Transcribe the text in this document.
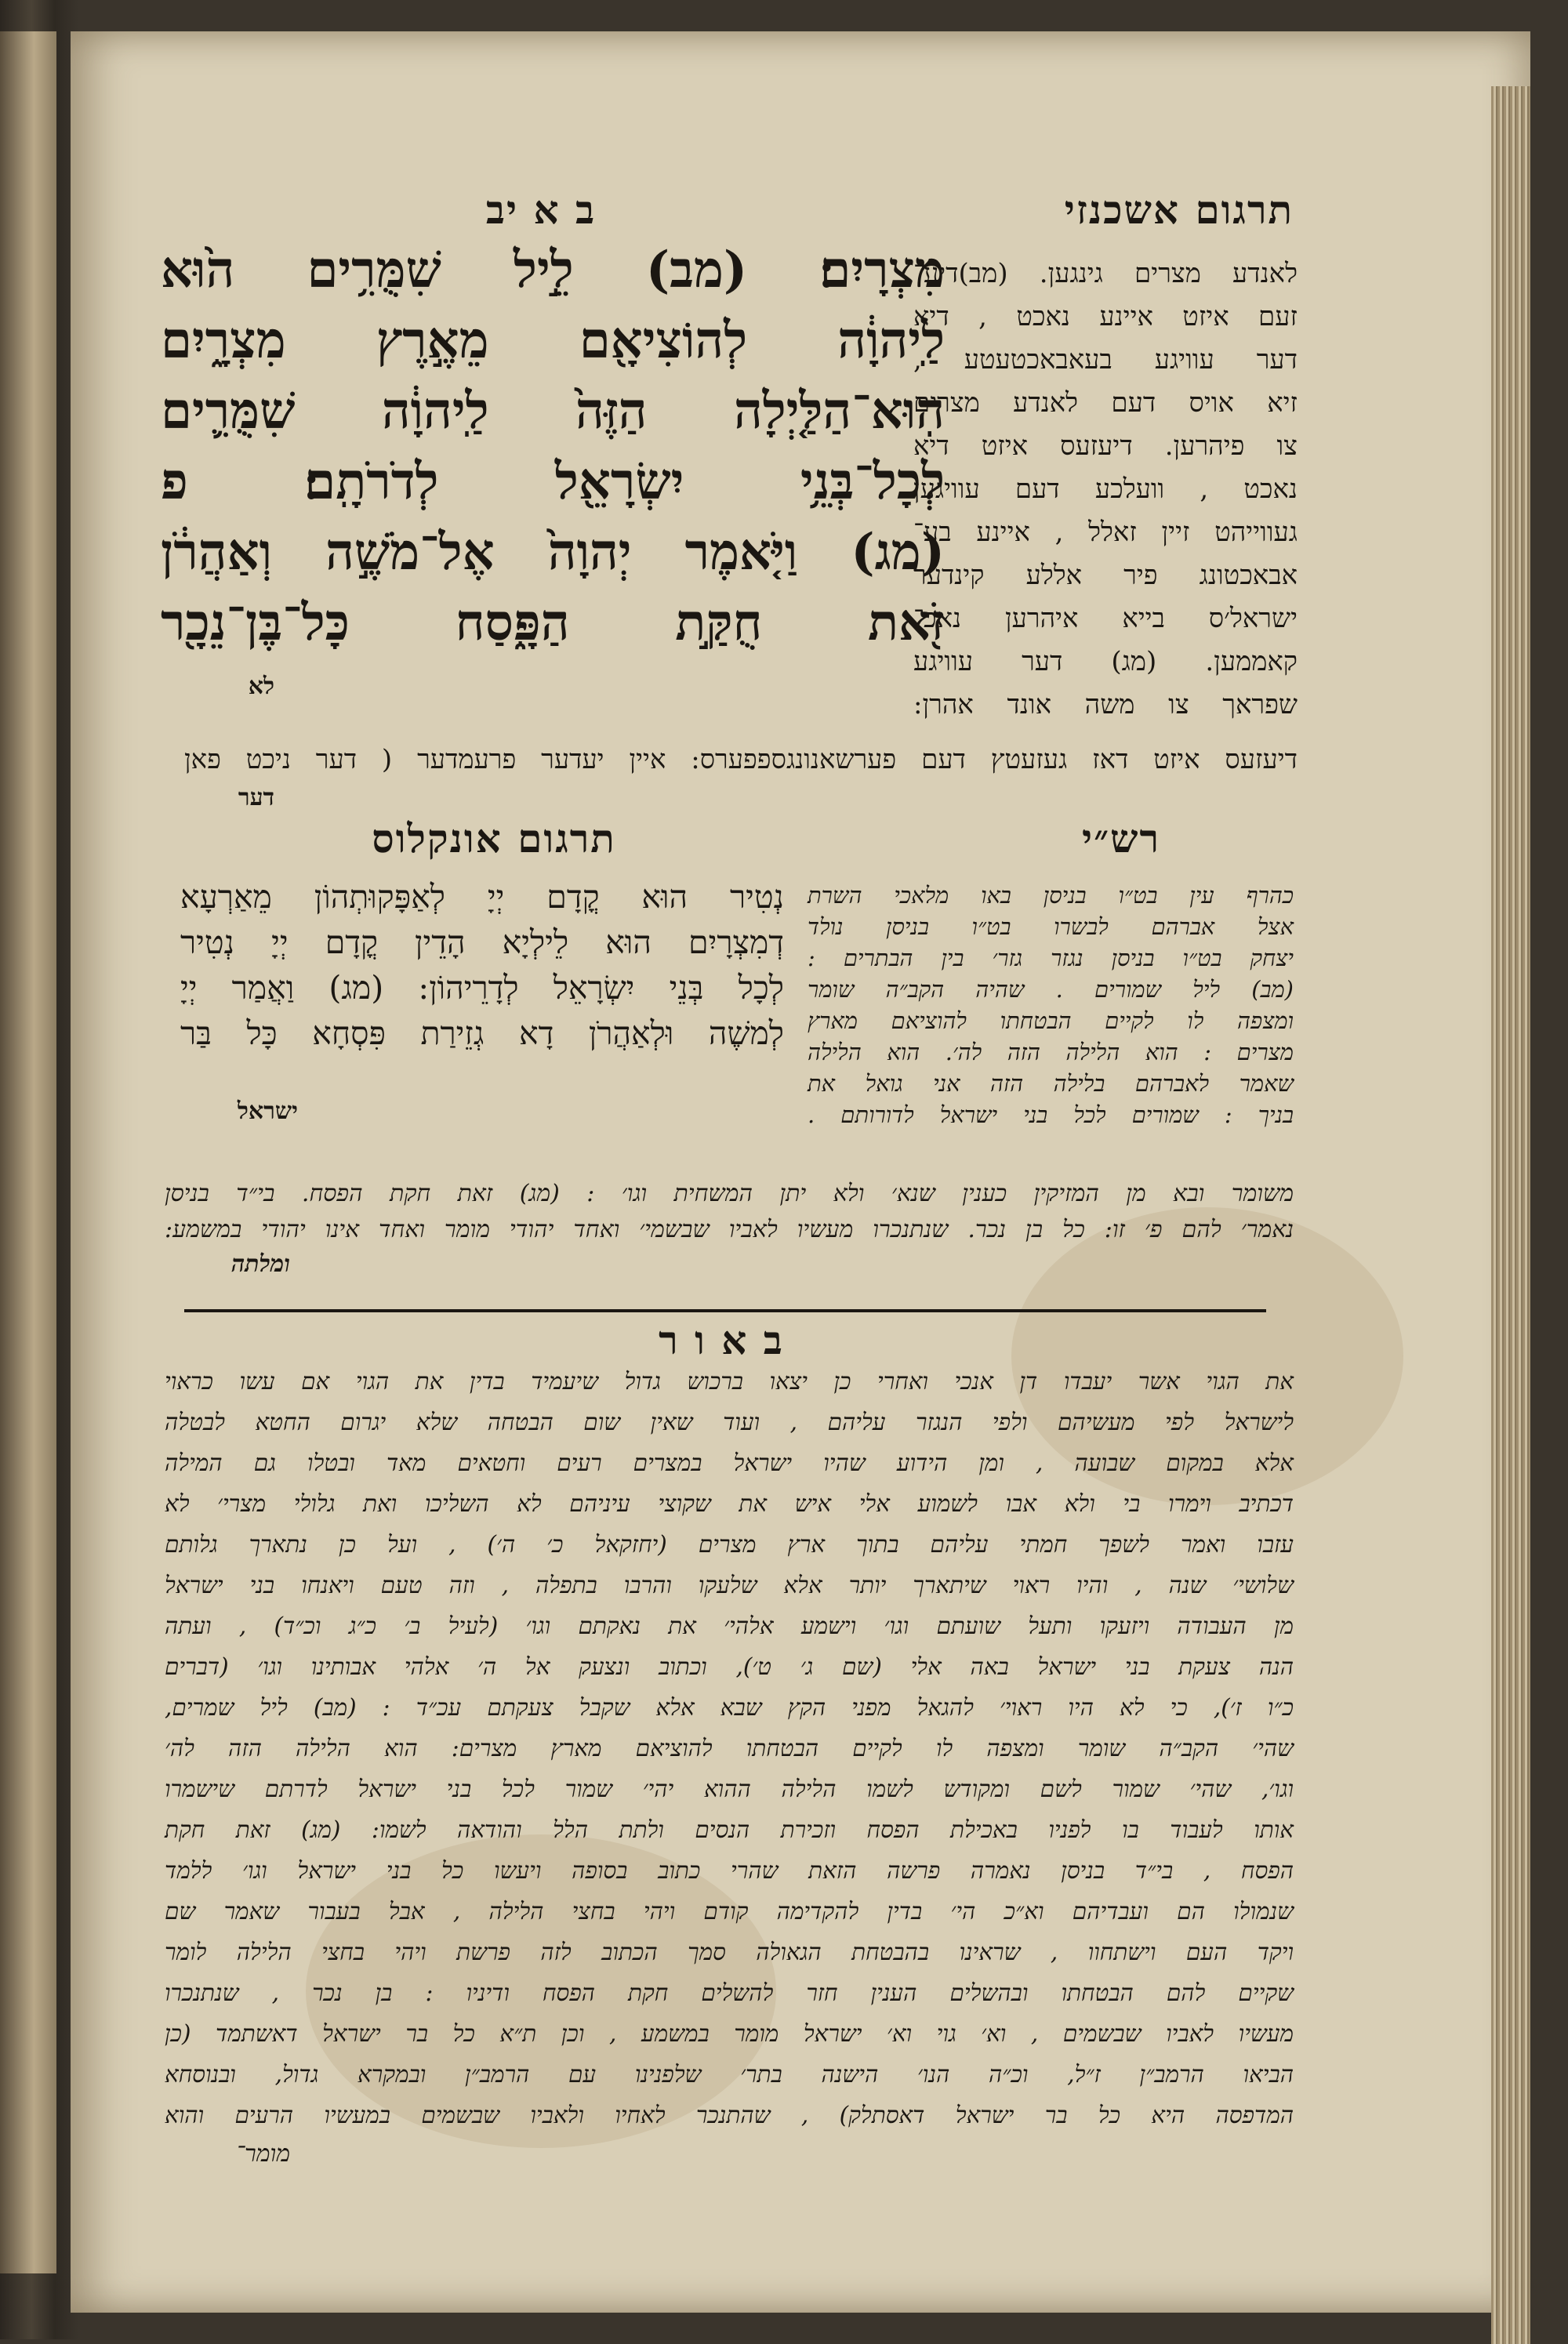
תרגום אשכנזי
ב א יב
מִצְרָיִם׃ (מב) לֵ֣יל שִׁמֻּרִ֥ים ה֙וּא
לַֽיהוָ֔ה לְהוֹצִיאָ֖ם מֵאֶ֣רֶץ מִצְרָ֑יִם
הֽוּא־הַלַּ֤יְלָה הַזֶּה֙ לַֽיהוָ֔ה שִׁמֻּרִ֛ים
לְכָל־בְּנֵ֥י יִשְׂרָאֵ֖ל לְדֹרֹתָֽם׃ פ
(מג) וַיֹּ֤אמֶר יְהוָה֙ אֶל־מֹשֶׁ֣ה וְאַהֲרֹ֔ן
זֹ֖את חֻקַּ֣ת הַפָּ֑סַח כָּל־בֶּן־נֵכָ֖ר
לא
לאנדע מצרים גינגען. (מב)דיע־
זעם איזט איינע נאכט , דיא
דער עוויגע בעאבאכטעטע ,
זיא אויס דעם לאנדע מצרים
צו פיהרען. דיעזעס איזט דיא
נאכט , וועלכע דעם עוויגען
געווייהט זיין זאלל , איינע בע־
אבאכטונג פיר אללע קינדער
ישראל׳ס בייא איהרען נאכ־
קאממען. (מג) דער עוויגע
שפראך צו משה אונד אהרן:
דיעזעס איזט דאז געזעטץ דעם פערשאנונגספפערס: איין יעדער פרעמדער ( דער ניכט פאן
דער
רש״י
כהרף עין בט״ו בניסן באו מלאכי השרת
אצל אברהם לבשרו בט״ו בניסן נולד
יצחק בט״ו בניסן נגזר גזר׳ בין הבתרים :
(מב) ליל שמורים . שהיה הקב״ה שומר
ומצפה לו לקיים הבטחתו להוציאם מארץ
מצרים : הוא הלילה הזה לה׳. הוא הלילה
שאמר לאברהם בלילה הזה אני גואל את
בניך : שמורים לכל בני ישראל לדורותם .
תרגום אונקלוס
נְטִיר הוּא קֳדָם יְיָ לְאַפָּקוּתְהוֹן מֵאַרְעָא
דְמִצְרָיִם הוּא לֵילְיָא הָדֵין קֳדָם יְיָ נְטִיר
לְכָל בְּנֵי יִשְׂרָאֵל לְדָרֵיהוֹן: (מג) וַאֲמַר יְיָ
לְמשֶׁה וּלְאַהֲרֹן דָא גְזֵירַת פִּסְחָא כָּל בַּר
ישראל
משומר ובא מן המזיקין כענין שנא׳ ולא יתן המשחית וגו׳ : (מג) זאת חקת הפסח. בי״ד בניסן
נאמר׳ להם פ׳ זו: כל בן נכר. שנתנכרו מעשיו לאביו שבשמי׳ ואחד יהודי מומר ואחד אינו יהודי במשמע:
ומלתה
ב א ו ר
את הגוי אשר יעבדו דן אנכי ואחרי כן יצאו ברכוש גדול שיעמיד בדין את הגוי אם עשו כראוי
לישראל לפי מעשיהם ולפי הנגזר עליהם , ועוד שאין שום הבטחה שלא יגרום החטא לבטלה
אלא במקום שבועה , ומן הידוע שהיו ישראל במצרים רעים וחטאים מאד ובטלו גם המילה
דכתיב וימרו בי ולא אבו לשמוע אלי איש את שקוצי עיניהם לא השליכו ואת גלולי מצרי׳ לא
עזבו ואמר לשפך חמתי עליהם בתוך ארץ מצרים (יחזקאל כ׳ ה׳) , ועל כן נתארך גלותם
שלושי׳ שנה , והיו ראוי שיתארך יותר אלא שלעקו והרבו בתפלה , וזה טעם ויאנחו בני ישראל
מן העבודה ויזעקו ותעל שועתם וגו׳ וישמע אלהי׳ את נאקתם וגו׳ (לעיל ב׳ כ״ג וכ״ד) , ועתה
הנה צעקת בני ישראל באה אלי (שם ג׳ ט׳), וכתוב ונצעק אל ה׳ אלהי אבותינו וגו׳ (דברים
כ״ו ז׳), כי לא היו ראוי׳ להגאל מפני הקץ שבא אלא שקבל צעקתם עכ״ד : (מב) ליל שמרים,
שהי׳ הקב״ה שומר ומצפה לו לקיים הבטחתו להוציאם מארץ מצרים: הוא הלילה הזה לה׳
וגו׳, שהי׳ שמור לשם ומקודש לשמו הלילה ההוא יהי׳ שמור לכל בני ישראל לדרתם שישמרו
אותו לעבוד בו לפניו באכילת הפסח וזכירת הנסים ולתת הלל והודאה לשמו: (מג) זאת חקת
הפסח , בי״ד בניסן נאמרה פרשה הזאת שהרי כתוב בסופה ויעשו כל בני ישראל וגו׳ ללמד
שנמולו הם ועבדיהם וא״כ הי׳ בדין להקדימה קודם ויהי בחצי הלילה , אבל בעבור שאמר שם
ויקד העם וישתחוו , שראינו בהבטחת הגאולה סמך הכתוב לזה פרשת ויהי בחצי הלילה לומר
שקיים להם הבטחתו ובהשלים הענין חזר להשלים חקת הפסח ודיניו : בן נכר , שנתנכרו
מעשיו לאביו שבשמים , וא׳ גוי וא׳ ישראל מומר במשמע , וכן ת״א כל בר ישראל דאשתמד (כן
הביאו הרמב״ן ז״ל, וכ״ה הנו׳ הישנה בתר׳ שלפנינו עם הרמב״ן ובמקרא גדול, ובנוסחא
המדפסה היא כל בר ישראל דאסתלק) , שהתנכר לאחיו ולאביו שבשמים במעשיו הרעים והוא
מומר־
